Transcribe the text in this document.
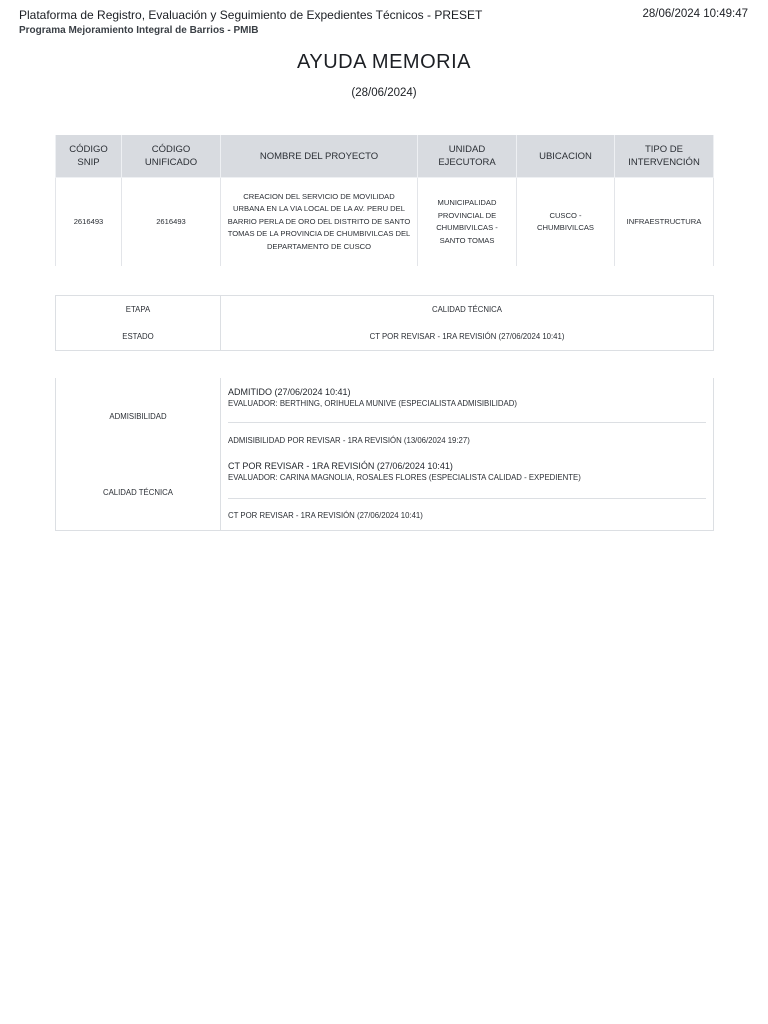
Plataforma de Registro, Evaluación y Seguimiento de Expedientes Técnicos - PRESET
Programa Mejoramiento Integral de Barrios - PMIB
28/06/2024 10:49:47
AYUDA MEMORIA
(28/06/2024)
CÓDIGO SNIP	CÓDIGO UNIFICADO	NOMBRE DEL PROYECTO	UNIDAD EJECUTORA	UBICACION	TIPO DE INTERVENCIÓN
2616493	2616493	CREACION DEL SERVICIO DE MOVILIDAD URBANA EN LA VIA LOCAL DE LA AV. PERU DEL BARRIO PERLA DE ORO DEL DISTRITO DE SANTO TOMAS DE LA PROVINCIA DE CHUMBIVILCAS DEL DEPARTAMENTO DE CUSCO	MUNICIPALIDAD PROVINCIAL DE CHUMBIVILCAS - SANTO TOMAS	CUSCO - CHUMBIVILCAS	INFRAESTRUCTURA
ETAPA	CALIDAD TÉCNICA
ESTADO	CT POR REVISAR - 1RA REVISIÓN (27/06/2024 10:41)
ADMISIBILIDAD	ADMITIDO (27/06/2024 10:41)
EVALUADOR: BERTHING, ORIHUELA MUNIVE (ESPECIALISTA ADMISIBILIDAD)
ADMISIBILIDAD POR REVISAR - 1RA REVISIÓN (13/06/2024 19:27)

CALIDAD TÉCNICA	CT POR REVISAR - 1RA REVISIÓN (27/06/2024 10:41)
EVALUADOR: CARINA MAGNOLIA, ROSALES FLORES (ESPECIALISTA CALIDAD - EXPEDIENTE)
CT POR REVISAR - 1RA REVISIÓN (27/06/2024 10:41)
